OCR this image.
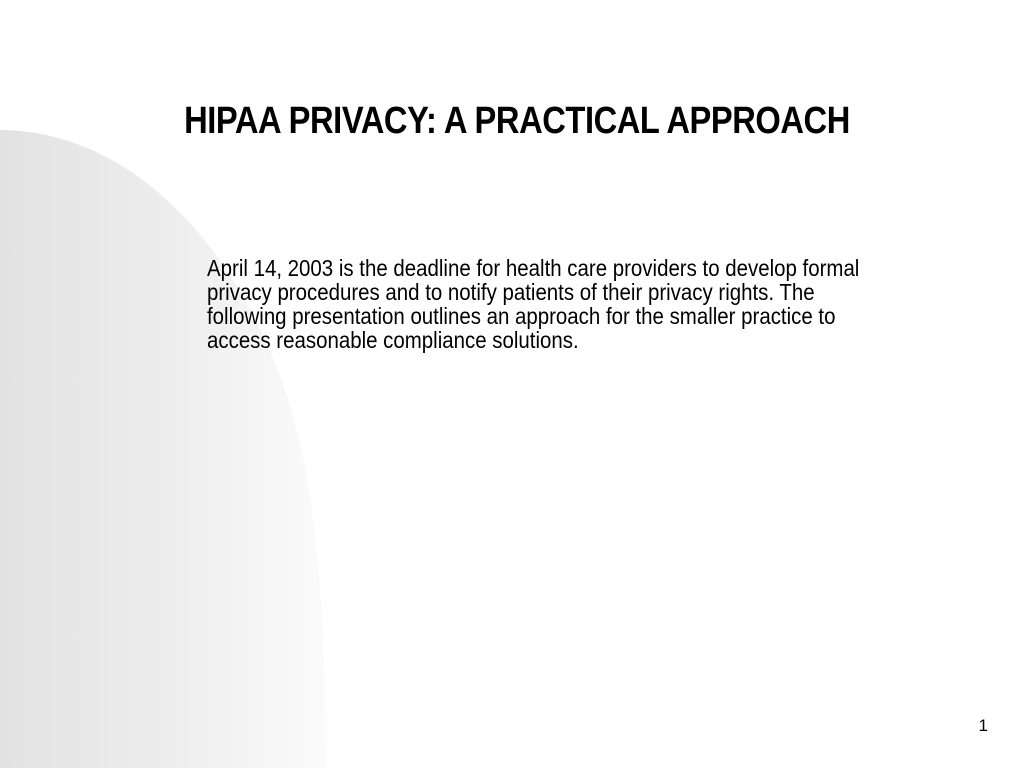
HIPAA PRIVACY: A PRACTICAL APPROACH
April 14, 2003 is the deadline for health care providers to develop formal
privacy procedures and to notify patients of their privacy rights. The
following presentation outlines an approach for the smaller practice to
access reasonable compliance solutions.
1
